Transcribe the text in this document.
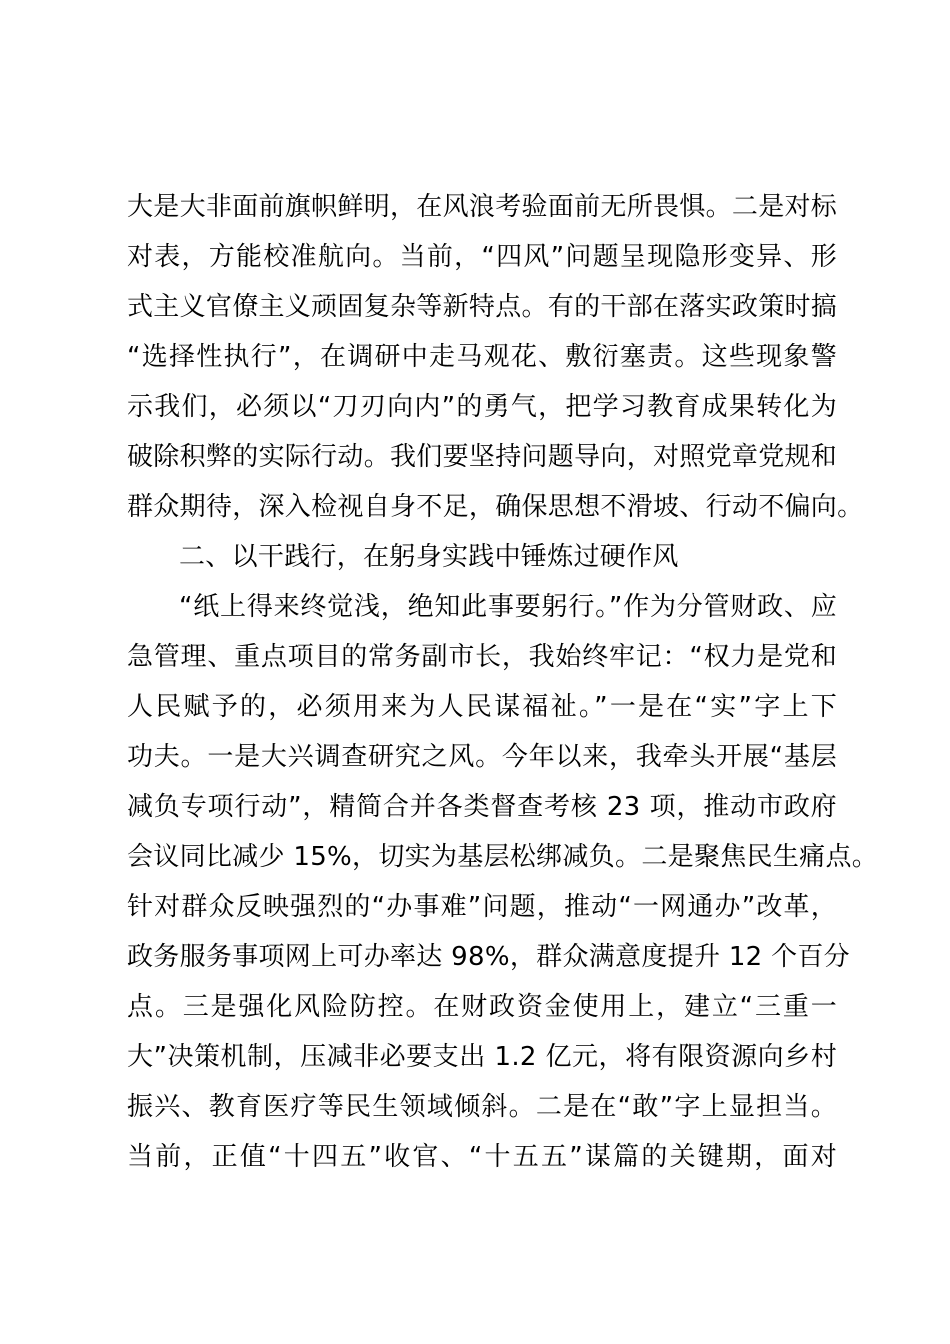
大是大非面前旗帜鲜明，在风浪考验面前无所畏惧。二是对标
对表，方能校准航向。当前，“四风”问题呈现隐形变异、形
式主义官僚主义顽固复杂等新特点。有的干部在落实政策时搞
“选择性执行”，在调研中走马观花、敷衍塞责。这些现象警
示我们，必须以“刀刃向内”的勇气，把学习教育成果转化为
破除积弊的实际行动。我们要坚持问题导向，对照党章党规和
群众期待，深入检视自身不足，确保思想不滑坡、行动不偏向。
二、以干践行，在躬身实践中锤炼过硬作风
“纸上得来终觉浅，绝知此事要躬行。”作为分管财政、应
急管理、重点项目的常务副市长，我始终牢记：“权力是党和
人民赋予的，必须用来为人民谋福祉。”一是在“实”字上下
功夫。一是大兴调查研究之风。今年以来，我牵头开展“基层
减负专项行动”，精简合并各类督查考核 23 项，推动市政府
会议同比减少 15%，切实为基层松绑减负。二是聚焦民生痛点。
针对群众反映强烈的“办事难”问题，推动“一网通办”改革，
政务服务事项网上可办率达 98%，群众满意度提升 12 个百分
点。三是强化风险防控。在财政资金使用上，建立“三重一
大”决策机制，压减非必要支出 1.2 亿元，将有限资源向乡村
振兴、教育医疗等民生领域倾斜。二是在“敢”字上显担当。
当前，正值“十四五”收官、“十五五”谋篇的关键期，面对
